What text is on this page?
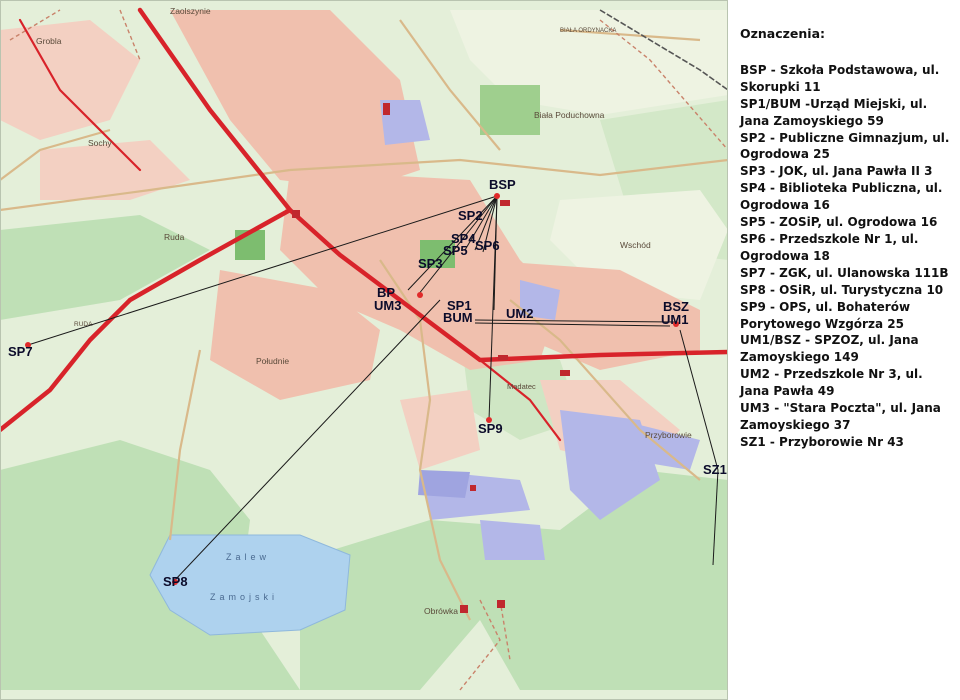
Zaolszynie
Grobla
Sochy
Biała Poduchowna
BIAŁA ORDYNACKA
Ruda
RUDA
Wschód
Południe
Madatec
Przyborowie
Obrówka
Zalew
Zamojski
BSP
SP2
SP4
SP5 SP6
SP3
BP
UM3	SP1
BUM	UM2	BSZ
UM1
SP7
SP9
SP8
SZ1
Oznaczenia:
BSP - Szkoła Podstawowa, ul. Skorupki 11
SP1/BUM -Urząd Miejski, ul. Jana Zamoyskiego 59
SP2 - Publiczne Gimnazjum, ul. Ogrodowa 25
SP3 - JOK, ul. Jana Pawła II 3
SP4 - Biblioteka Publiczna, ul. Ogrodowa 16
SP5 - ZOSiP, ul. Ogrodowa 16
SP6 - Przedszkole Nr 1, ul. Ogrodowa 18
SP7 - ZGK, ul. Ulanowska 111B
SP8 - OSiR, ul. Turystyczna 10
SP9 - OPS, ul. Bohaterów Porytowego Wzgórza 25
UM1/BSZ - SPZOZ, ul. Jana Zamoyskiego 149
UM2 - Przedszkole Nr 3, ul. Jana Pawła 49
UM3 - "Stara Poczta", ul. Jana Zamoyskiego 37
SZ1 - Przyborowie Nr 43
